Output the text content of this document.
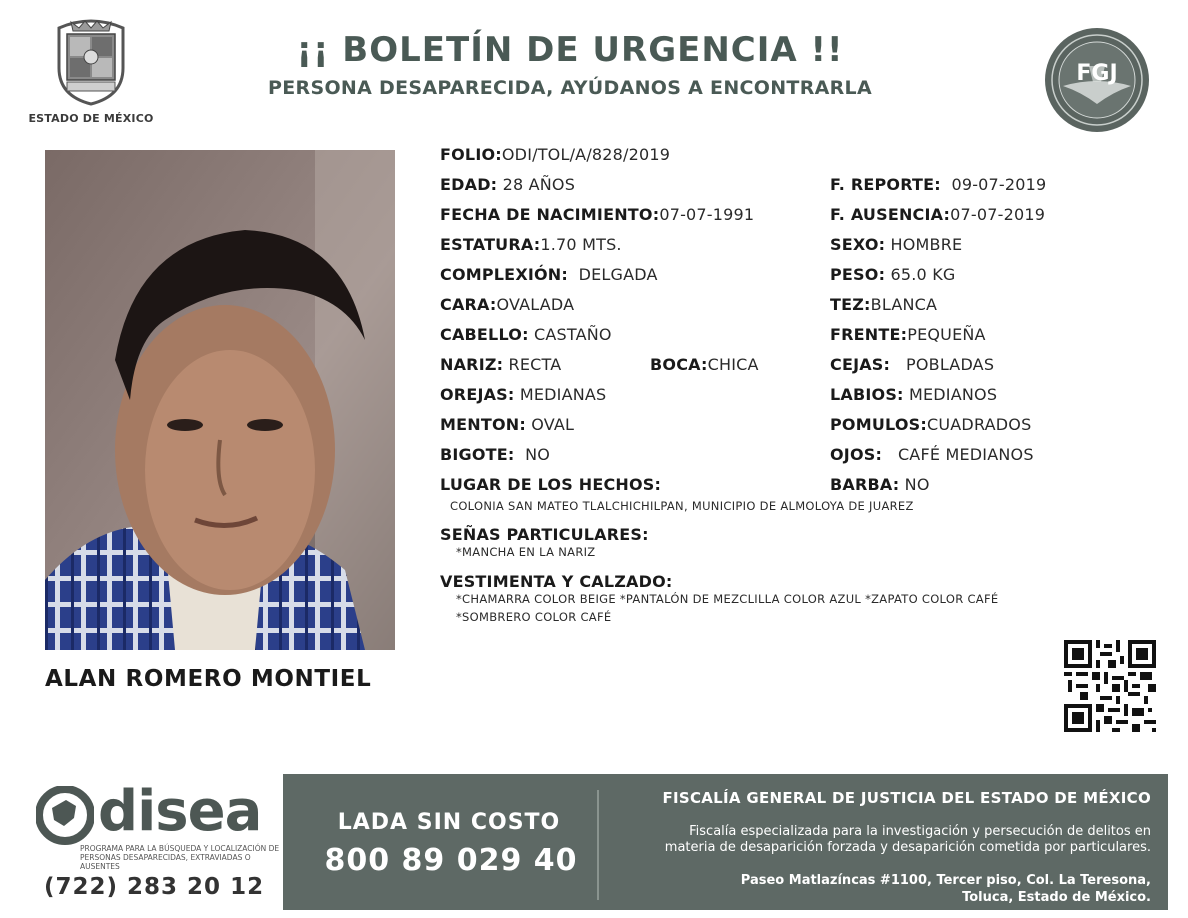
ESTADO DE MÉXICO
¡¡ BOLETÍN DE URGENCIA !!
PERSONA DESAPARECIDA, AYÚDANOS A ENCONTRARLA
FGJ
ALAN ROMERO MONTIEL
FOLIO:ODI/TOL/A/828/2019
EDAD: 28 AÑOS
FECHA DE NACIMIENTO:07-07-1991
ESTATURA:1.70 MTS.
COMPLEXIÓN: DELGADA
CARA:OVALADA
CABELLO: CASTAÑO
NARIZ: RECTA	BOCA:CHICA
OREJAS: MEDIANAS
MENTON: OVAL
BIGOTE: NO
LUGAR DE LOS HECHOS:
COLONIA SAN MATEO TLALCHICHILPAN, MUNICIPIO DE ALMOLOYA DE JUAREZ
F. REPORTE: 09-07-2019
F. AUSENCIA:07-07-2019
SEXO: HOMBRE
PESO: 65.0 KG
TEZ:BLANCA
FRENTE:PEQUEÑA
CEJAS: POBLADAS
LABIOS: MEDIANOS
POMULOS:CUADRADOS
OJOS: CAFÉ MEDIANOS
BARBA: NO
SEÑAS PARTICULARES:
*MANCHA EN LA NARIZ
VESTIMENTA Y CALZADO:
*CHAMARRA COLOR BEIGE *PANTALÓN DE MEZCLILLA COLOR AZUL *ZAPATO COLOR CAFÉ
*SOMBRERO COLOR CAFÉ
disea
PROGRAMA PARA LA BÚSQUEDA Y LOCALIZACIÓN DE PERSONAS DESAPARECIDAS, EXTRAVIADAS O AUSENTES
(722) 283 20 12
LADA SIN COSTO
800 89 029 40
FISCALÍA GENERAL DE JUSTICIA DEL ESTADO DE MÉXICO
Fiscalía especializada para la investigación y persecución de delitos en
materia de desaparición forzada y desaparición cometida por particulares.
Paseo Matlazíncas #1100, Tercer piso, Col. La Teresona,
Toluca, Estado de México.
